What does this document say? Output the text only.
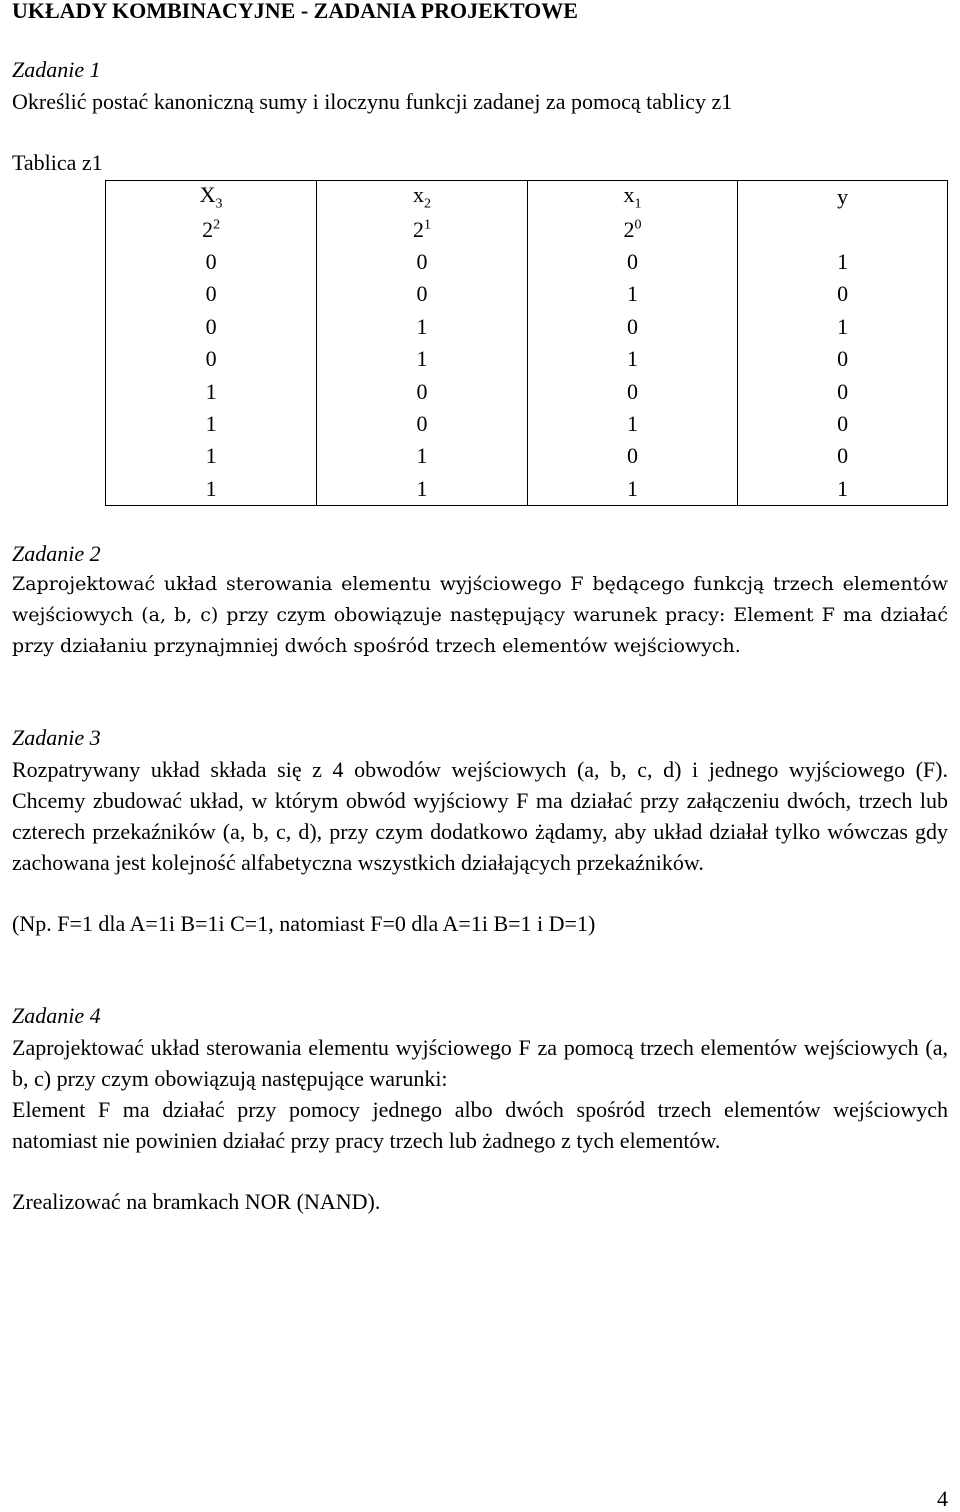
UKŁADY KOMBINACYJNE - ZADANIA PROJEKTOWE
Zadanie 1
Określić postać kanoniczną sumy i iloczynu funkcji zadanej za pomocą tablicy z1
Tablica z1
$X_3$	$x_2$	$x_1$	y
$2^2$	$2^1$	$2^0$	
0	0	0	1
0	0	1	0
0	1	0	1
0	1	1	0
1	0	0	0
1	0	1	0
1	1	0	0
1	1	1	1
Zadanie 2
Zaprojektować układ sterowania elementu wyjściowego F będącego funkcją trzech elementów wejściowych (a, b, c) przy czym obowiązuje następujący warunek pracy: Element F ma działać przy działaniu przynajmniej dwóch spośród trzech elementów wejściowych.
Zadanie 3
Rozpatrywany układ składa się z 4 obwodów wejściowych (a, b, c, d) i jednego wyjściowego (F). Chcemy zbudować układ, w którym obwód wyjściowy F ma działać przy załączeniu dwóch, trzech lub czterech przekaźników (a, b, c, d), przy czym dodatkowo żądamy, aby układ działał tylko wówczas gdy zachowana jest kolejność alfabetyczna wszystkich działających przekaźników.
(Np. F=1 dla A=1i B=1i C=1, natomiast F=0 dla A=1i B=1 i D=1)
Zadanie 4
Zaprojektować układ sterowania elementu wyjściowego F za pomocą trzech elementów wejściowych (a, b, c) przy czym obowiązują następujące warunki:
Element F ma działać przy pomocy jednego albo dwóch spośród trzech elementów wejściowych natomiast nie powinien działać przy pracy trzech lub żadnego z tych elementów.
Zrealizować na bramkach NOR (NAND).
4
